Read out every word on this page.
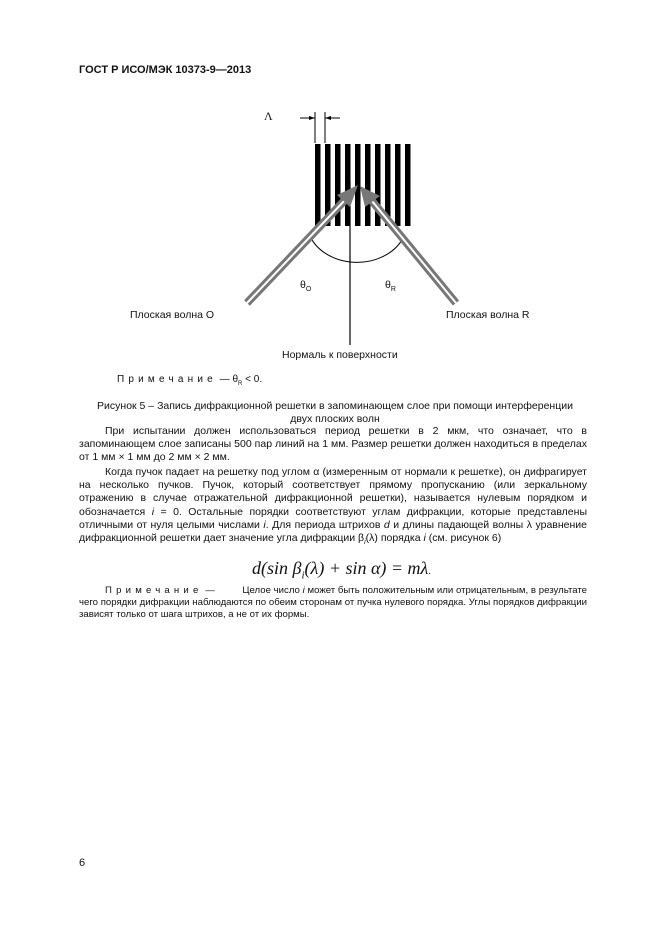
ГОСТ Р ИСО/МЭК 10373-9—2013
Λ
$\theta_O$	$\theta_R$
Плоская волна O	Плоская волна R
Нормаль к поверхности
Примечание — $\theta_R < 0$.
Рисунок 5 – Запись дифракционной решетки в запоминающем слое при помощи интерференции
двух плоских волн

При испытании должен использоваться период решетки в 2 мкм, что означает, что в запоминающем слое записаны 500 пар линий на 1 мм. Размер решетки должен находиться в пределах от 1 мм × 1 мм до 2 мм × 2 мм.

Когда пучок падает на решетку под углом α (измеренным от нормали к решетке), он дифрагирует на несколько пучков. Пучок, который соответствует прямому пропусканию (или зеркальному отражению в случае отражательной дифракционной решетки), называется нулевым порядком и обозначается i = 0. Остальные порядки соответствуют углам дифракции, которые представлены отличными от нуля целыми числами i. Для периода штрихов d и длины падающей волны λ уравнение дифракционной решетки дает значение угла дифракции $\beta_i(\lambda)$ порядка i (см. рисунок 6)

d(sin $\beta_i(\lambda) + \sin \alpha) = m\lambda$.

Примечание —	Целое число i может быть положительным или отрицательным, в результате чего порядки дифракции наблюдаются по обеим сторонам от пучка нулевого порядка. Углы порядков дифракции зависят только от шага штрихов, а не от их формы.

6
